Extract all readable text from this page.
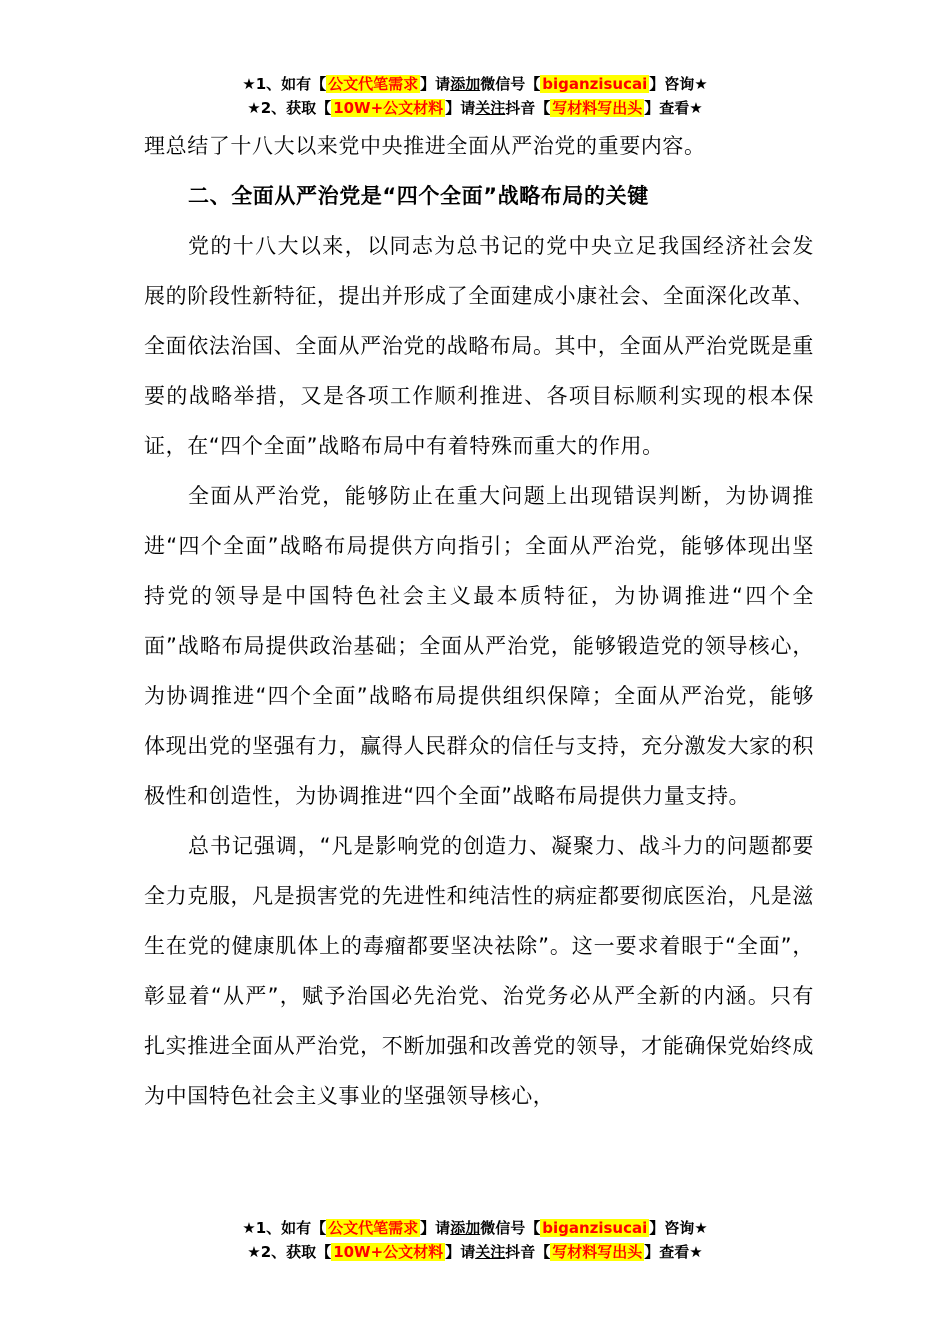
★1、如有【 公文代笔需求 】请添加微信号【 biganzisucai 】咨询★
★2、获取【 10W+公文材料 】请关注抖音【 写材料写出头 】查看★

理总结了十八大以来党中央推进全面从严治党的重要内容。

二、全面从严治党是“四个全面”战略布局的关键

党的十八大以来，以同志为总书记的党中央立足我国经济社会发展的阶段性新特征，提出并形成了全面建成小康社会、全面深化改革、全面依法治国、全面从严治党的战略布局。其中，全面从严治党既是重要的战略举措，又是各项工作顺利推进、各项目标顺利实现的根本保证，在“四个全面”战略布局中有着特殊而重大的作用。

全面从严治党，能够防止在重大问题上出现错误判断，为协调推进“四个全面”战略布局提供方向指引；全面从严治党，能够体现出坚持党的领导是中国特色社会主义最本质特征，为协调推进“四个全面”战略布局提供政治基础；全面从严治党，能够锻造党的领导核心，为协调推进“四个全面”战略布局提供组织保障；全面从严治党，能够体现出党的坚强有力，赢得人民群众的信任与支持，充分激发大家的积极性和创造性，为协调推进“四个全面”战略布局提供力量支持。

总书记强调，“凡是影响党的创造力、凝聚力、战斗力的问题都要全力克服，凡是损害党的先进性和纯洁性的病症都要彻底医治，凡是滋生在党的健康肌体上的毒瘤都要坚决祛除”。这一要求着眼于“全面”，彰显着“从严”，赋予治国必先治党、治党务必从严全新的内涵。只有扎实推进全面从严治党，不断加强和改善党的领导，才能确保党始终成为中国特色社会主义事业的坚强领导核心，

★1、如有【 公文代笔需求 】请添加微信号【 biganzisucai 】咨询★
★2、获取【 10W+公文材料 】请关注抖音【 写材料写出头 】查看★
